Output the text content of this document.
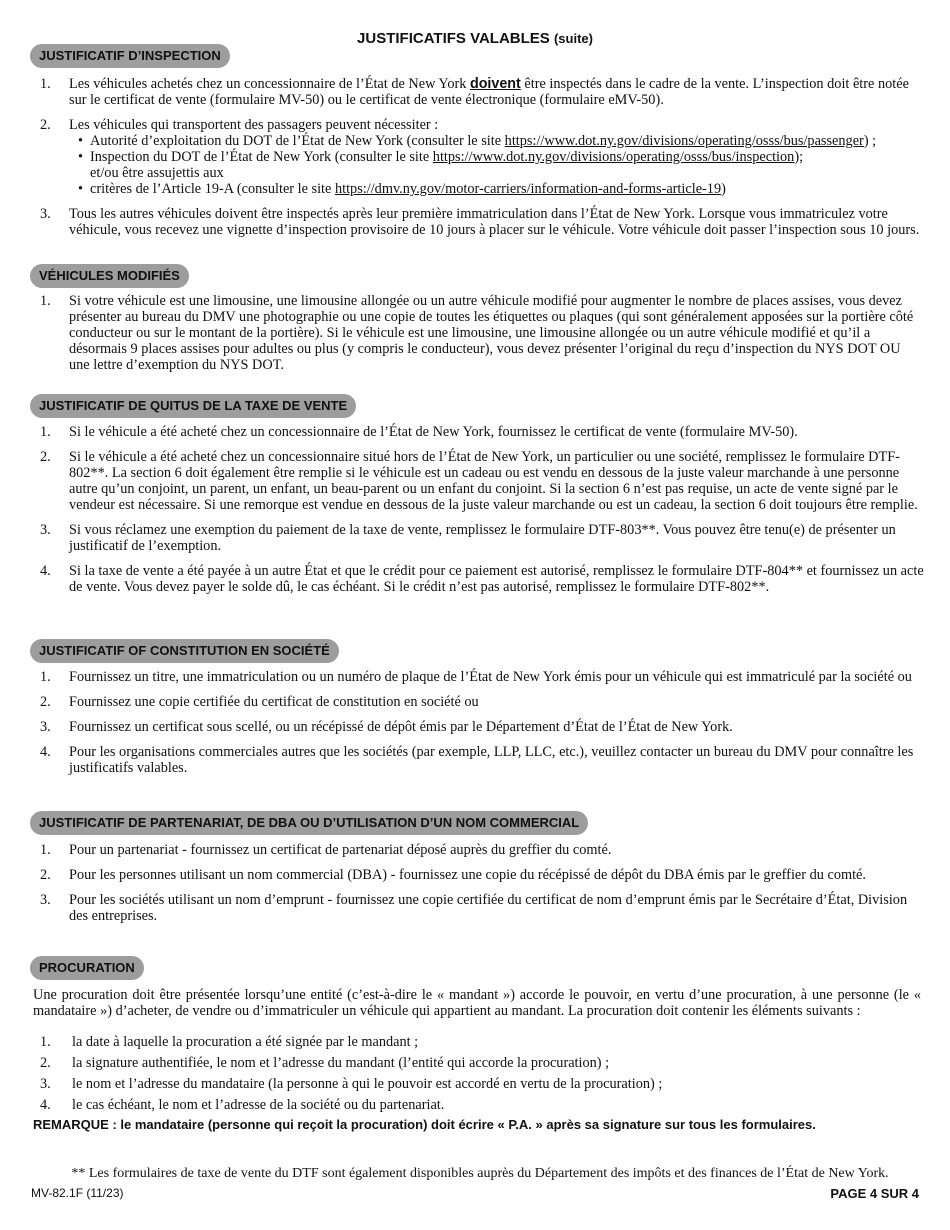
JUSTIFICATIFS VALABLES (suite)
JUSTIFICATIF D’INSPECTION
1. Les véhicules achetés chez un concessionnaire de l’État de New York doivent être inspectés dans le cadre de la vente. L’inspection doit être notée sur le certificat de vente (formulaire MV-50) ou le certificat de vente électronique (formulaire eMV-50).
2. Les véhicules qui transportent des passagers peuvent nécessiter :
• Autorité d’exploitation du DOT de l’État de New York (consulter le site https://www.dot.ny.gov/divisions/operating/osss/bus/passenger) ;
• Inspection du DOT de l’État de New York (consulter le site https://www.dot.ny.gov/divisions/operating/osss/bus/inspection);
et/ou être assujettis aux
• critères de l’Article 19-A (consulter le site https://dmv.ny.gov/motor-carriers/information-and-forms-article-19)
3. Tous les autres véhicules doivent être inspectés après leur première immatriculation dans l’État de New York. Lorsque vous immatriculez votre véhicule, vous recevez une vignette d’inspection provisoire de 10 jours à placer sur le véhicule. Votre véhicule doit passer l’inspection sous 10 jours.
VÉHICULES MODIFIÉS
1. Si votre véhicule est une limousine, une limousine allongée ou un autre véhicule modifié pour augmenter le nombre de places assises, vous devez présenter au bureau du DMV une photographie ou une copie de toutes les étiquettes ou plaques (qui sont généralement apposées sur la portière côté conducteur ou sur le montant de la portière). Si le véhicule est une limousine, une limousine allongée ou un autre véhicule modifié et qu’il a désormais 9 places assises pour adultes ou plus (y compris le conducteur), vous devez présenter l’original du reçu d’inspection du NYS DOT OU une lettre d’exemption du NYS DOT.
JUSTIFICATIF DE QUITUS DE LA TAXE DE VENTE
1. Si le véhicule a été acheté chez un concessionnaire de l’État de New York, fournissez le certificat de vente (formulaire MV-50).
2. Si le véhicule a été acheté chez un concessionnaire situé hors de l’État de New York, un particulier ou une société, remplissez le formulaire DTF-802**. La section 6 doit également être remplie si le véhicule est un cadeau ou est vendu en dessous de la juste valeur marchande à une personne autre qu’un conjoint, un parent, un enfant, un beau-parent ou un enfant du conjoint. Si la section 6 n’est pas requise, un acte de vente signé par le vendeur est nécessaire. Si une remorque est vendue en dessous de la juste valeur marchande ou est un cadeau, la section 6 doit toujours être remplie.
3. Si vous réclamez une exemption du paiement de la taxe de vente, remplissez le formulaire DTF-803**. Vous pouvez être tenu(e) de présenter un justificatif de l’exemption.
4. Si la taxe de vente a été payée à un autre État et que le crédit pour ce paiement est autorisé, remplissez le formulaire DTF-804** et fournissez un acte de vente. Vous devez payer le solde dû, le cas échéant. Si le crédit n’est pas autorisé, remplissez le formulaire DTF-802**.
JUSTIFICATIF OF CONSTITUTION EN SOCIÉTÉ
1. Fournissez un titre, une immatriculation ou un numéro de plaque de l’État de New York émis pour un véhicule qui est immatriculé par la société ou
2. Fournissez une copie certifiée du certificat de constitution en société ou
3. Fournissez un certificat sous scellé, ou un récépissé de dépôt émis par le Département d’État de l’État de New York.
4. Pour les organisations commerciales autres que les sociétés (par exemple, LLP, LLC, etc.), veuillez contacter un bureau du DMV pour connaître les justificatifs valables.
JUSTIFICATIF DE PARTENARIAT, DE DBA OU D’UTILISATION D’UN NOM COMMERCIAL
1. Pour un partenariat - fournissez un certificat de partenariat déposé auprès du greffier du comté.
2. Pour les personnes utilisant un nom commercial (DBA) - fournissez une copie du récépissé de dépôt du DBA émis par le greffier du comté.
3. Pour les sociétés utilisant un nom d’emprunt - fournissez une copie certifiée du certificat de nom d’emprunt émis par le Secrétaire d’État, Division des entreprises.
PROCURATION
Une procuration doit être présentée lorsqu’une entité (c’est-à-dire le « mandant ») accorde le pouvoir, en vertu d’une procuration, à une personne (le « mandataire ») d’acheter, de vendre ou d’immatriculer un véhicule qui appartient au mandant. La procuration doit contenir les éléments suivants :
1. la date à laquelle la procuration a été signée par le mandant ;
2. la signature authentifiée, le nom et l’adresse du mandant (l’entité qui accorde la procuration) ;
3. le nom et l’adresse du mandataire (la personne à qui le pouvoir est accordé en vertu de la procuration) ;
4. le cas échéant, le nom et l’adresse de la société ou du partenariat.
REMARQUE : le mandataire (personne qui reçoit la procuration) doit écrire « P.A. » après sa signature sur tous les formulaires.
** Les formulaires de taxe de vente du DTF sont également disponibles auprès du Département des impôts et des finances de l’État de New York.
MV-82.1F (11/23)	PAGE 4 SUR 4
